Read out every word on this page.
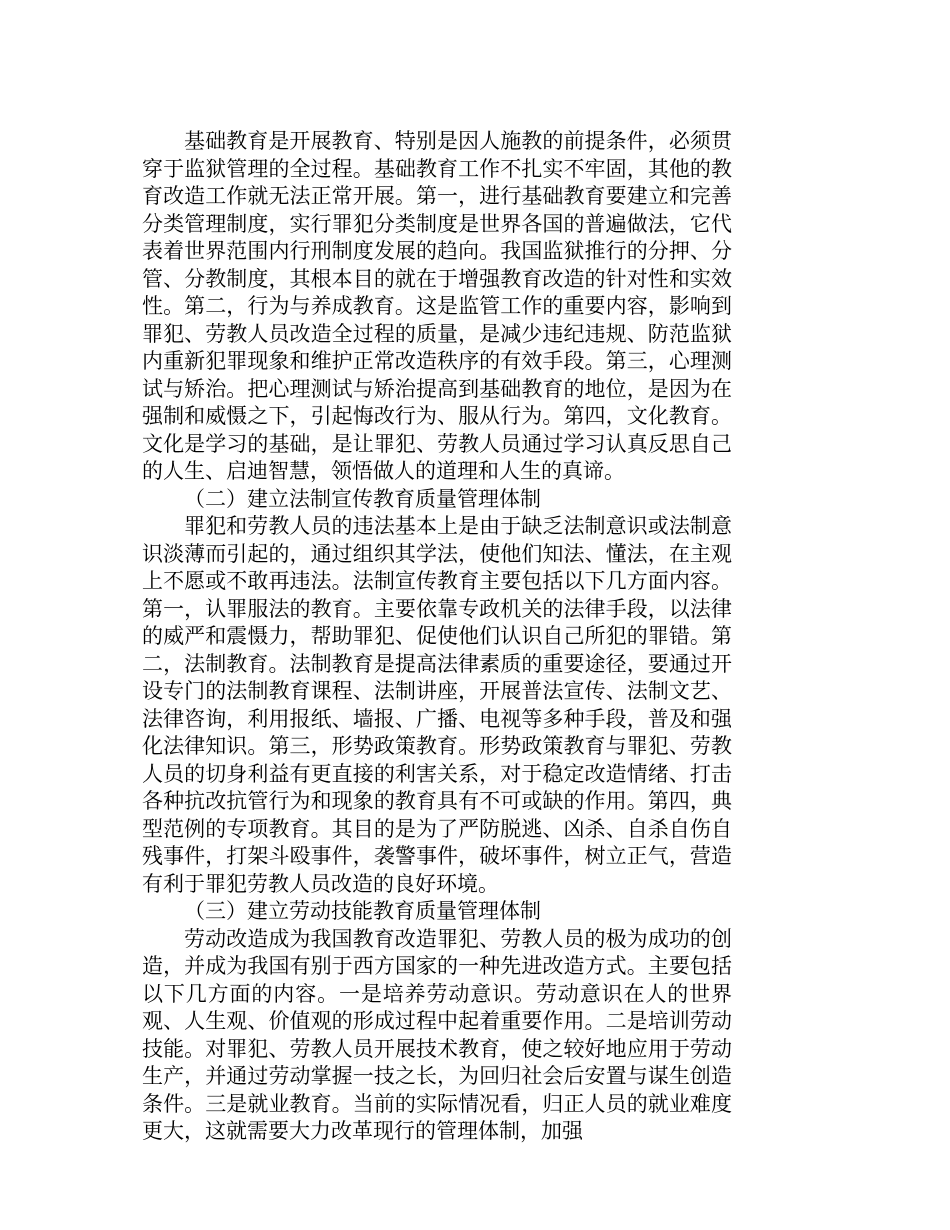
基础教育是开展教育、特别是因人施教的前提条件，必须贯穿于监狱管理的全过程。基础教育工作不扎实不牢固，其他的教育改造工作就无法正常开展。第一，进行基础教育要建立和完善分类管理制度，实行罪犯分类制度是世界各国的普遍做法，它代表着世界范围内行刑制度发展的趋向。我国监狱推行的分押、分管、分教制度，其根本目的就在于增强教育改造的针对性和实效性。第二，行为与养成教育。这是监管工作的重要内容，影响到罪犯、劳教人员改造全过程的质量，是减少违纪违规、防范监狱内重新犯罪现象和维护正常改造秩序的有效手段。第三，心理测试与矫治。把心理测试与矫治提高到基础教育的地位，是因为在强制和威慑之下，引起悔改行为、服从行为。第四，文化教育。文化是学习的基础，是让罪犯、劳教人员通过学习认真反思自己的人生、启迪智慧，领悟做人的道理和人生的真谛。

（二）建立法制宣传教育质量管理体制

罪犯和劳教人员的违法基本上是由于缺乏法制意识或法制意识淡薄而引起的，通过组织其学法，使他们知法、懂法，在主观上不愿或不敢再违法。法制宣传教育主要包括以下几方面内容。第一，认罪服法的教育。主要依靠专政机关的法律手段，以法律的威严和震慑力，帮助罪犯、促使他们认识自己所犯的罪错。第二，法制教育。法制教育是提高法律素质的重要途径，要通过开设专门的法制教育课程、法制讲座，开展普法宣传、法制文艺、法律咨询，利用报纸、墙报、广播、电视等多种手段，普及和强化法律知识。第三，形势政策教育。形势政策教育与罪犯、劳教人员的切身利益有更直接的利害关系，对于稳定改造情绪、打击各种抗改抗管行为和现象的教育具有不可或缺的作用。第四，典型范例的专项教育。其目的是为了严防脱逃、凶杀、自杀自伤自残事件，打架斗殴事件，袭警事件，破坏事件，树立正气，营造有利于罪犯劳教人员改造的良好环境。

（三）建立劳动技能教育质量管理体制

劳动改造成为我国教育改造罪犯、劳教人员的极为成功的创造，并成为我国有别于西方国家的一种先进改造方式。主要包括以下几方面的内容。一是培养劳动意识。劳动意识在人的世界观、人生观、价值观的形成过程中起着重要作用。二是培训劳动技能。对罪犯、劳教人员开展技术教育，使之较好地应用于劳动生产，并通过劳动掌握一技之长，为回归社会后安置与谋生创造条件。三是就业教育。当前的实际情况看，归正人员的就业难度更大，这就需要大力改革现行的管理体制，加强
